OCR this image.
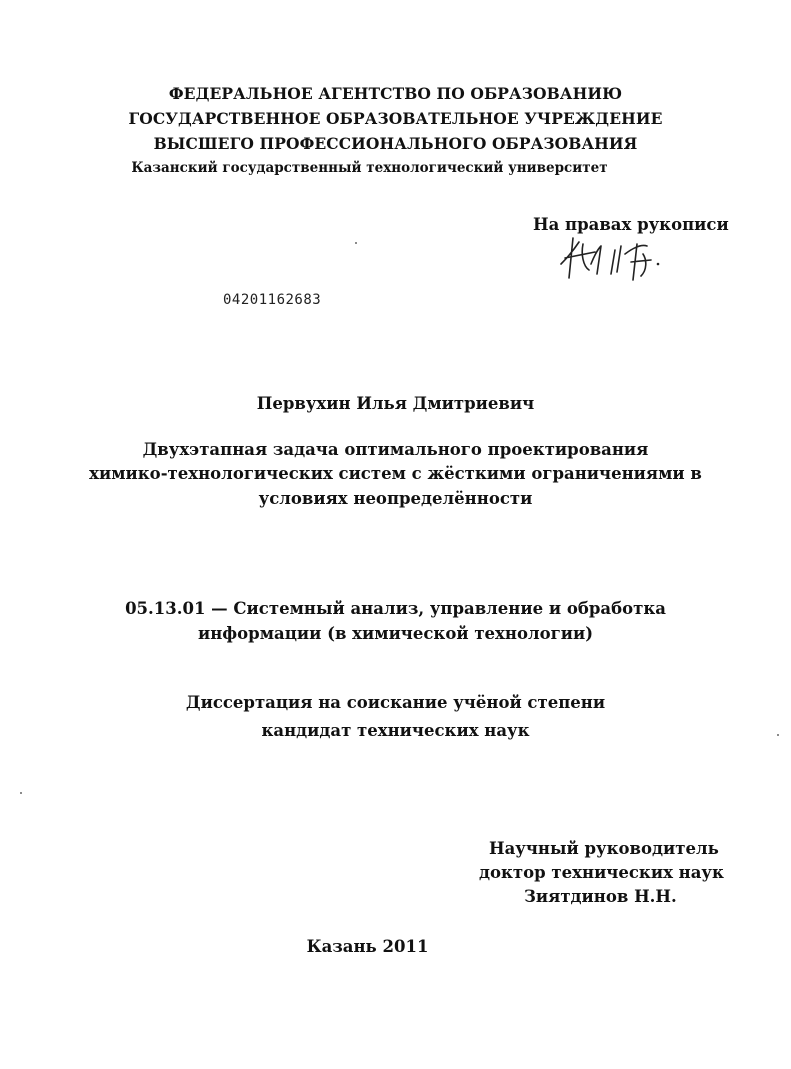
ФЕДЕРАЛЬНОЕ АГЕНТСТВО ПО ОБРАЗОВАНИЮ
ГОСУДАРСТВЕННОЕ ОБРАЗОВАТЕЛЬНОЕ УЧРЕЖДЕНИЕ
ВЫСШЕГО ПРОФЕССИОНАЛЬНОГО ОБРАЗОВАНИЯ
Казанский государственный технологический университет
На правах рукописи
04201162683
Первухин Илья Дмитриевич
Двухэтапная задача оптимального проектирования
химико-технологических систем с жёсткими ограничениями в
условиях неопределённости
05.13.01 — Системный анализ, управление и обработка
информации (в химической технологии)
Диссертация на соискание учёной степени
кандидат технических наук
Научный руководитель
доктор технических наук
Зиятдинов Н.Н.
Казань 2011
